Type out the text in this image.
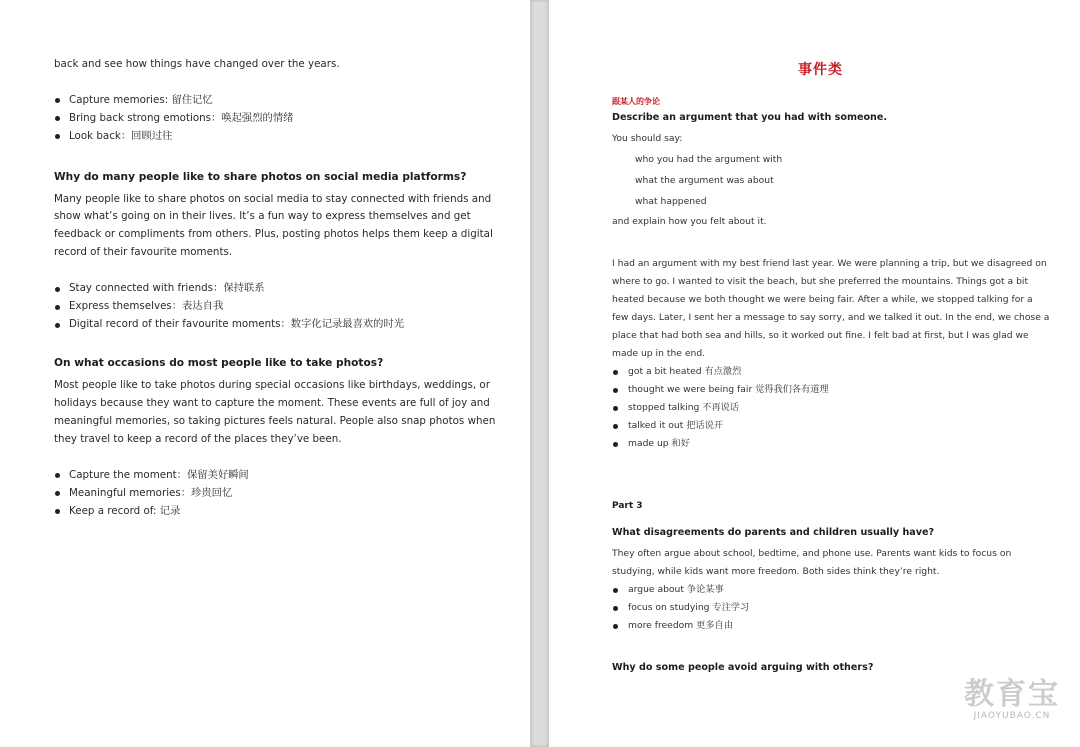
back and see how things have changed over the years.
Capture memories: 留住记忆
Bring back strong emotions：唤起强烈的情绪
Look back：回顾过往
Why do many people like to share photos on social media platforms?
Many people like to share photos on social media to stay connected with friends and
show what’s going on in their lives. It’s a fun way to express themselves and get
feedback or compliments from others. Plus, posting photos helps them keep a digital
record of their favourite moments.
Stay connected with friends：保持联系
Express themselves：表达自我
Digital record of their favourite moments：数字化记录最喜欢的时光
On what occasions do most people like to take photos?
Most people like to take photos during special occasions like birthdays, weddings, or
holidays because they want to capture the moment. These events are full of joy and
meaningful memories, so taking pictures feels natural. People also snap photos when
they travel to keep a record of the places they’ve been.
Capture the moment：保留美好瞬间
Meaningful memories：珍贵回忆
Keep a record of: 记录
事件类
跟某人的争论
Describe an argument that you had with someone.
You should say:
who you had the argument with
what the argument was about
what happened
and explain how you felt about it.
I had an argument with my best friend last year. We were planning a trip, but we disagreed on
where to go. I wanted to visit the beach, but she preferred the mountains. Things got a bit
heated because we both thought we were being fair. After a while, we stopped talking for a
few days. Later, I sent her a message to say sorry, and we talked it out. In the end, we chose a
place that had both sea and hills, so it worked out fine. I felt bad at first, but I was glad we
made up in the end.
got a bit heated 有点激烈
thought we were being fair 觉得我们各有道理
stopped talking 不再说话
talked it out 把话说开
made up 和好
Part 3
What disagreements do parents and children usually have?
They often argue about school, bedtime, and phone use. Parents want kids to focus on
studying, while kids want more freedom. Both sides think they’re right.
argue about 争论某事
focus on studying 专注学习
more freedom 更多自由
Why do some people avoid arguing with others?
教育宝
JIAOYUBAO.CN
